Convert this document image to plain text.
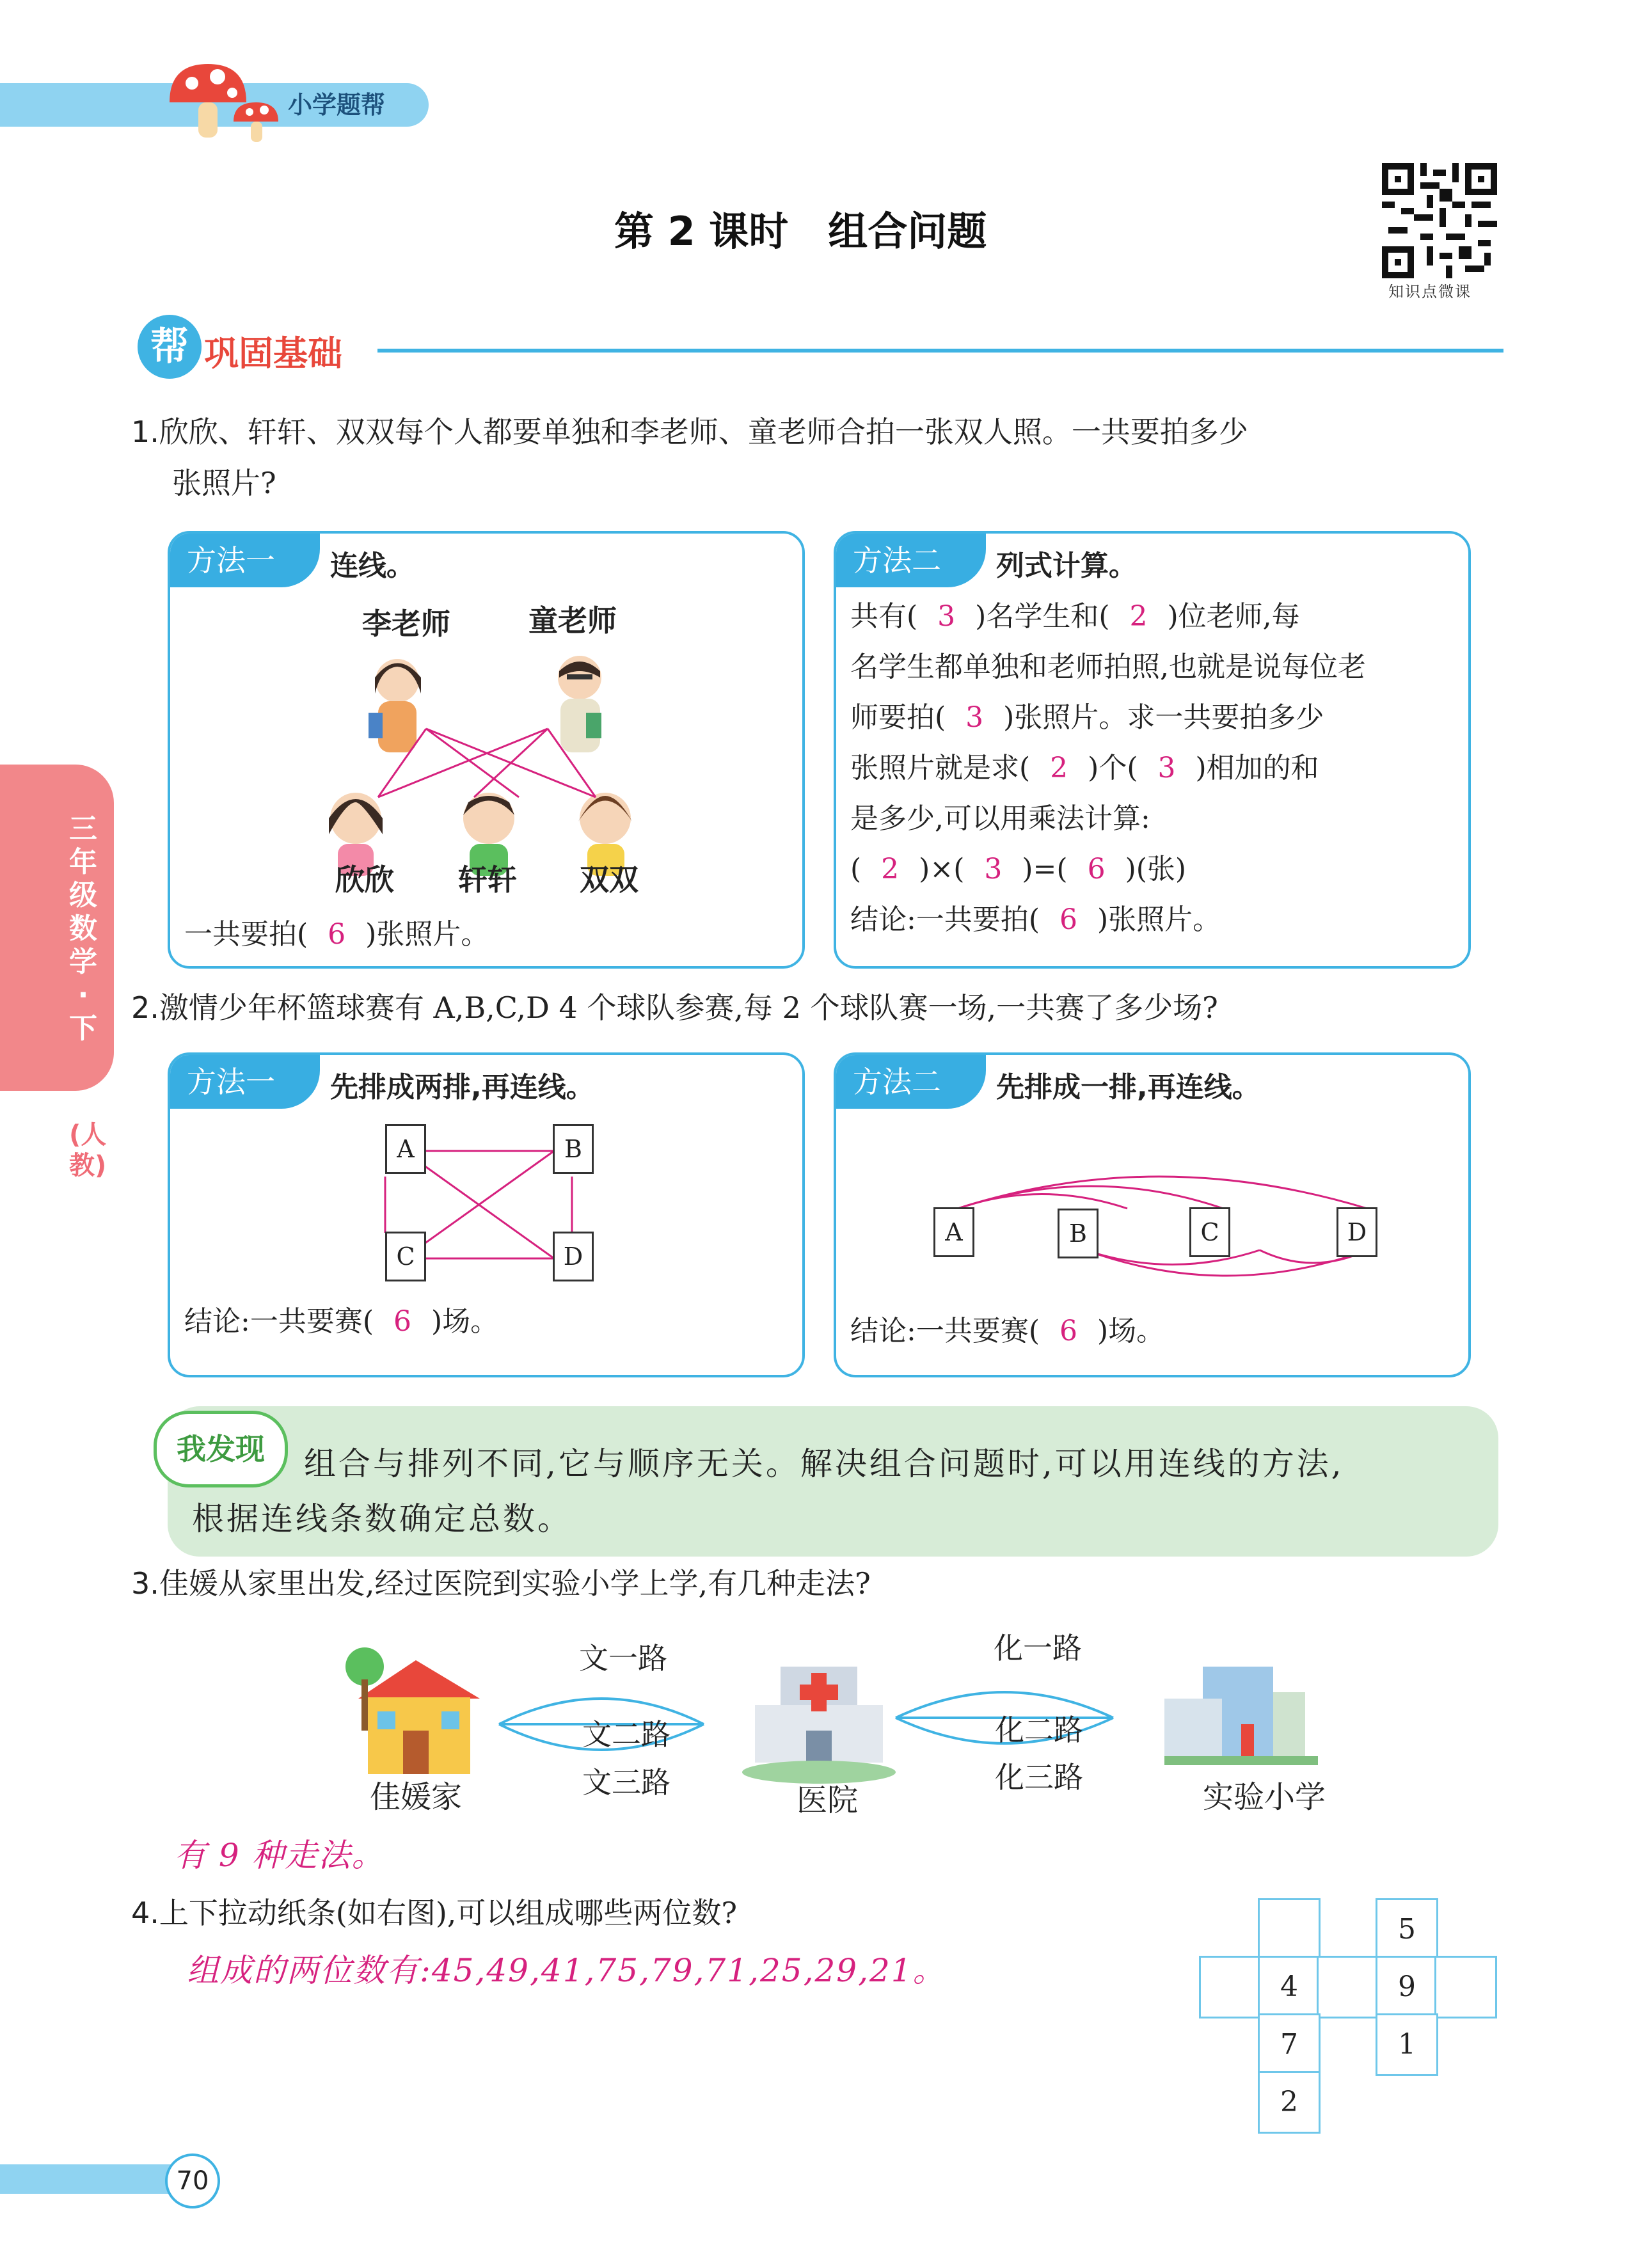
小学题帮
第 2 课时　组合问题
知识点微课
帮 巩固基础
三年级数学·下
(人教)
1.欣欣、轩轩、双双每个人都要单独和李老师、童老师合拍一张双人照。一共要拍多少
张照片?
方法一	连线。
李老师	童老师
欣欣 轩轩 双双
一共要拍( 6 )张照片。
方法二	列式计算。
共有( 3 )名学生和( 2 )位老师,每
名学生都单独和老师拍照,也就是说每位老
师要拍( 3 )张照片。求一共要拍多少
张照片就是求( 2 )个( 3 )相加的和
是多少,可以用乘法计算:
( 2 )×( 3 )=( 6 )(张)
结论:一共要拍( 6 )张照片。
2.激情少年杯篮球赛有 A,B,C,D 4 个球队参赛,每 2 个球队赛一场,一共赛了多少场?
方法一	先排成两排,再连线。
A	B
C	D
结论:一共要赛( 6 )场。
方法二	先排成一排,再连线。
A	B	C	D
结论:一共要赛( 6 )场。
我发现	组合与排列不同,它与顺序无关。解决组合问题时,可以用连线的方法,
根据连线条数确定总数。
3.佳媛从家里出发,经过医院到实验小学上学,有几种走法?
文一路
文二路
文三路
化一路
化二路
化三路
佳媛家	医院	实验小学
有 9 种走法。
4.上下拉动纸条(如右图),可以组成哪些两位数?
组成的两位数有:45,49,41,75,79,71,25,29,21。	4
7
2
5
9
1
70
